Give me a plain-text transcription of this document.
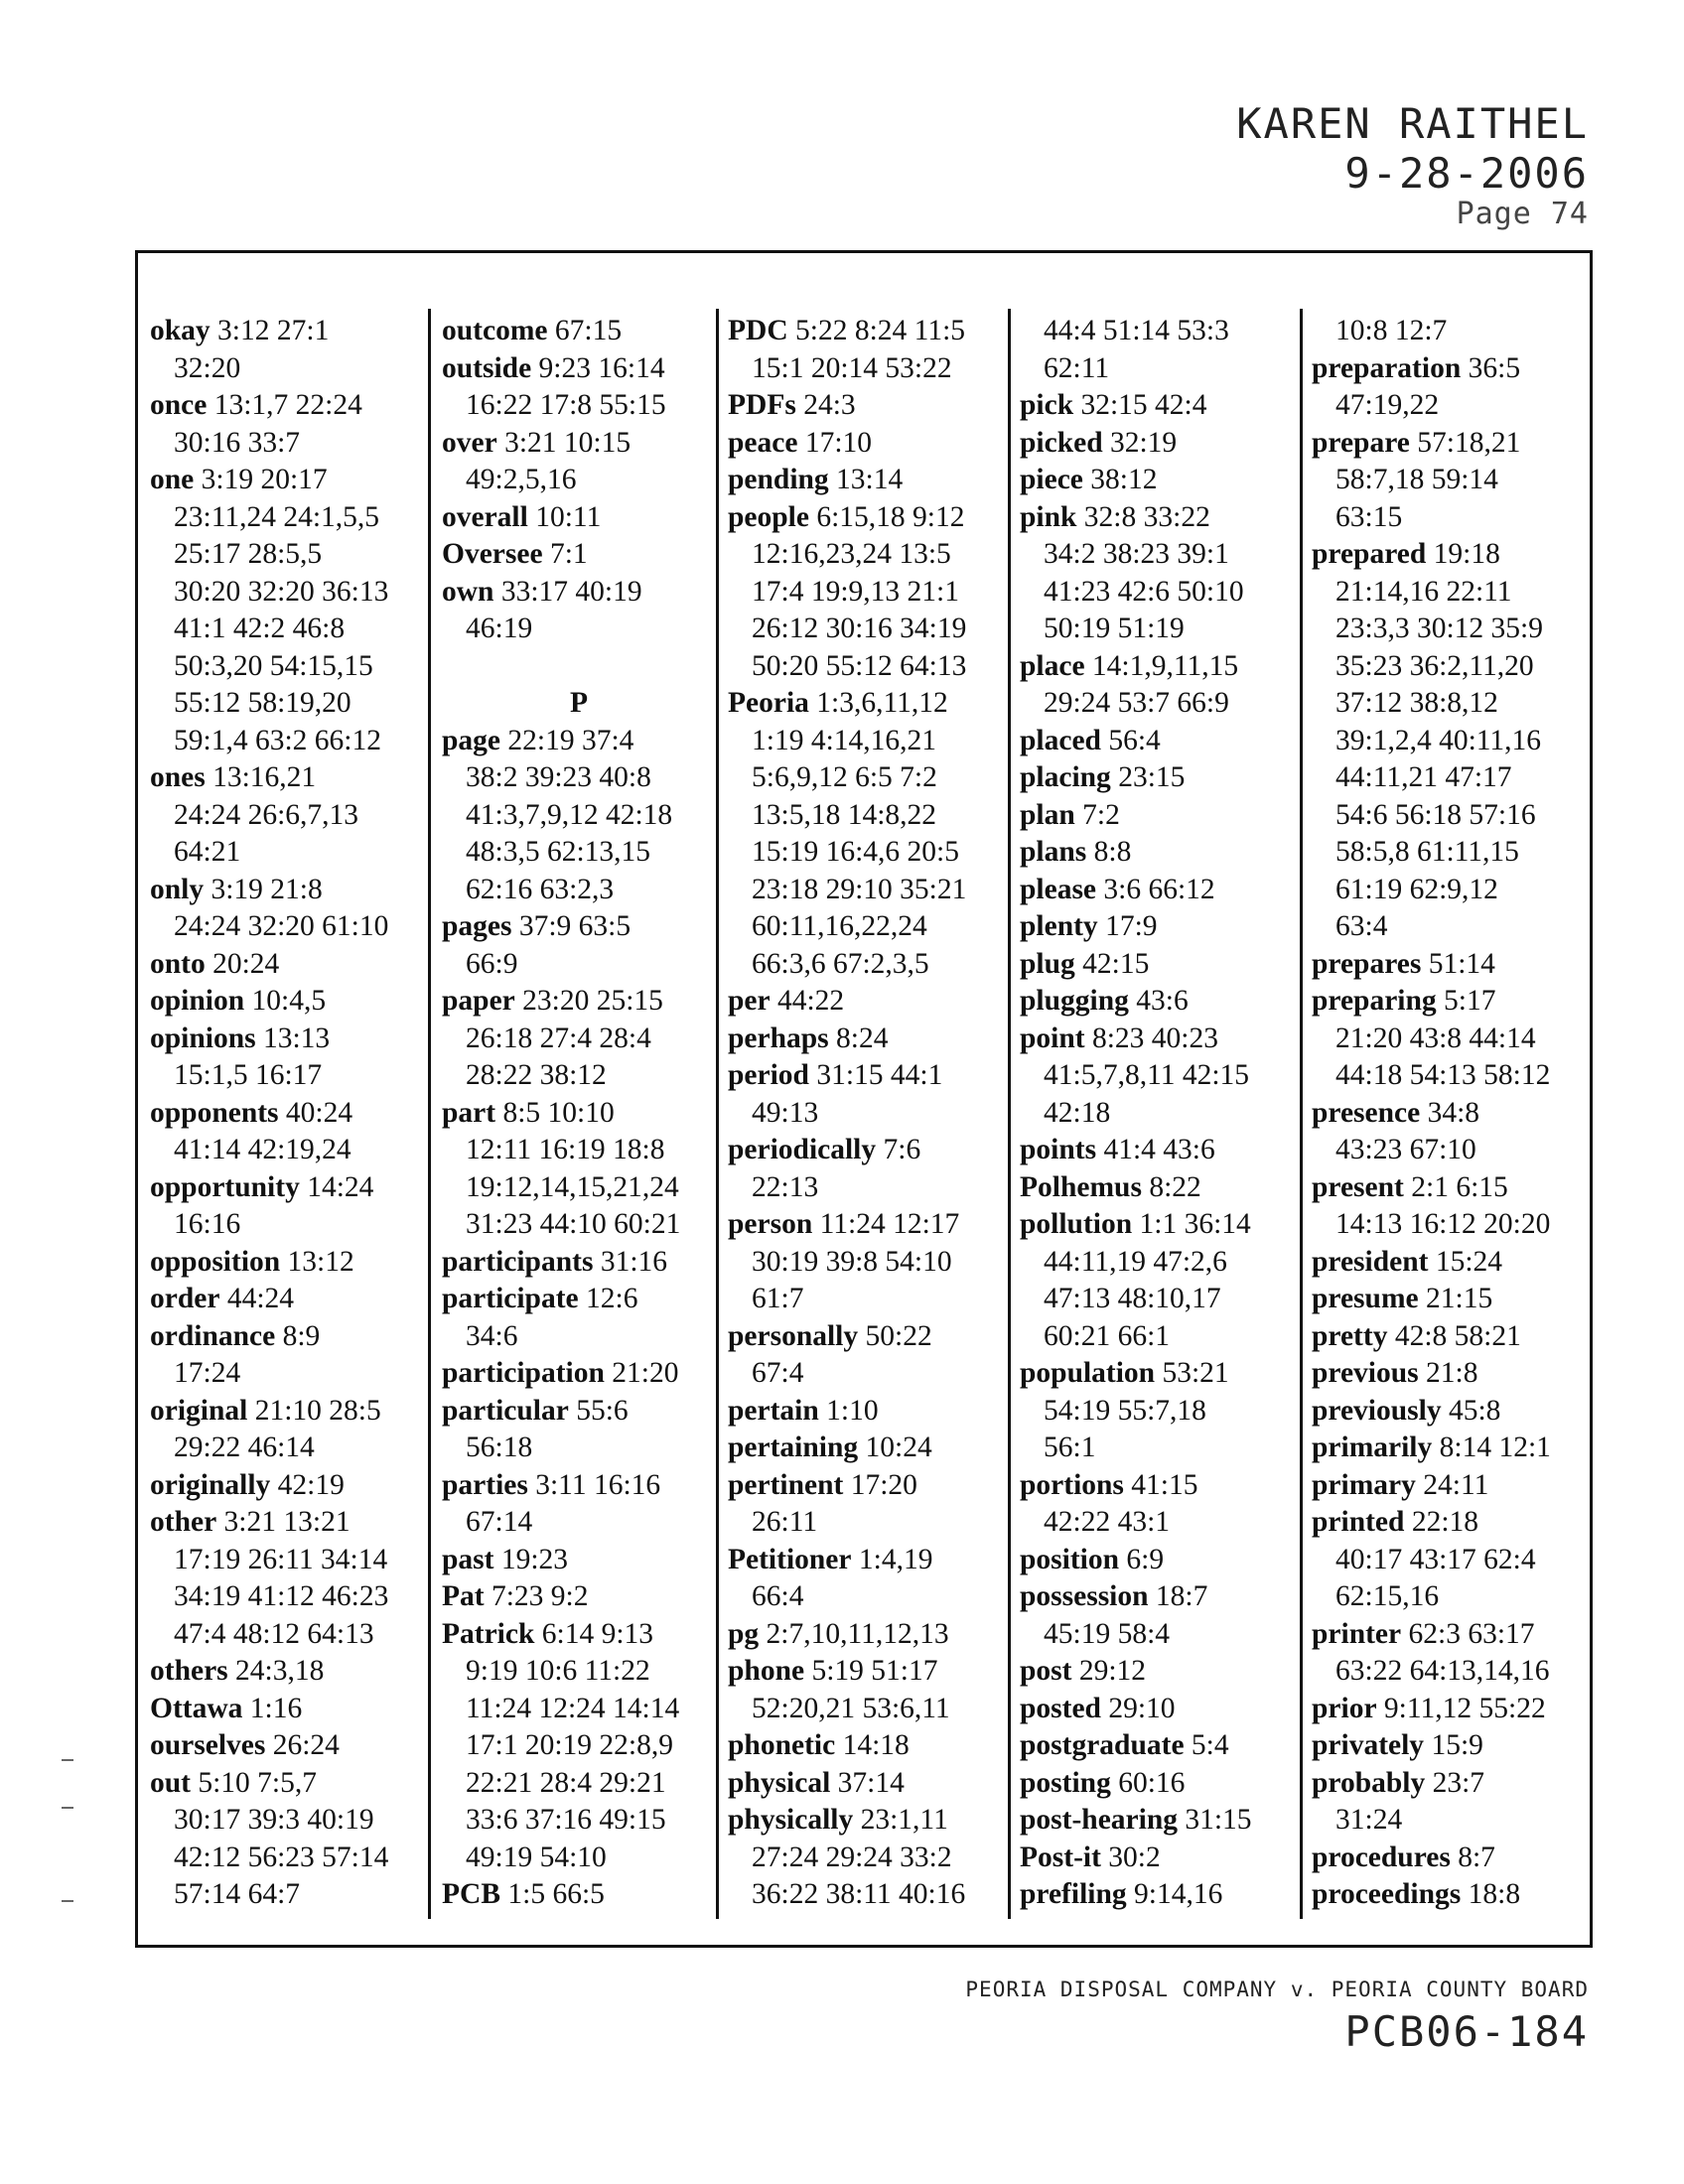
KAREN RAITHEL
9-28-2006
Page 74
okay 3:12 27:1
32:20
once 13:1,7 22:24
30:16 33:7
one 3:19 20:17
23:11,24 24:1,5,5
25:17 28:5,5
30:20 32:20 36:13
41:1 42:2 46:8
50:3,20 54:15,15
55:12 58:19,20
59:1,4 63:2 66:12
ones 13:16,21
24:24 26:6,7,13
64:21
only 3:19 21:8
24:24 32:20 61:10
onto 20:24
opinion 10:4,5
opinions 13:13
15:1,5 16:17
opponents 40:24
41:14 42:19,24
opportunity 14:24
16:16
opposition 13:12
order 44:24
ordinance 8:9
17:24
original 21:10 28:5
29:22 46:14
originally 42:19
other 3:21 13:21
17:19 26:11 34:14
34:19 41:12 46:23
47:4 48:12 64:13
others 24:3,18
Ottawa 1:16
ourselves 26:24
out 5:10 7:5,7
30:17 39:3 40:19
42:12 56:23 57:14
57:14 64:7
outcome 67:15
outside 9:23 16:14
16:22 17:8 55:15
over 3:21 10:15
49:2,5,16
overall 10:11
Oversee 7:1
own 33:17 40:19
46:19
P
page 22:19 37:4
38:2 39:23 40:8
41:3,7,9,12 42:18
48:3,5 62:13,15
62:16 63:2,3
pages 37:9 63:5
66:9
paper 23:20 25:15
26:18 27:4 28:4
28:22 38:12
part 8:5 10:10
12:11 16:19 18:8
19:12,14,15,21,24
31:23 44:10 60:21
participants 31:16
participate 12:6
34:6
participation 21:20
particular 55:6
56:18
parties 3:11 16:16
67:14
past 19:23
Pat 7:23 9:2
Patrick 6:14 9:13
9:19 10:6 11:22
11:24 12:24 14:14
17:1 20:19 22:8,9
22:21 28:4 29:21
33:6 37:16 49:15
49:19 54:10
PCB 1:5 66:5
PDC 5:22 8:24 11:5
15:1 20:14 53:22
PDFs 24:3
peace 17:10
pending 13:14
people 6:15,18 9:12
12:16,23,24 13:5
17:4 19:9,13 21:1
26:12 30:16 34:19
50:20 55:12 64:13
Peoria 1:3,6,11,12
1:19 4:14,16,21
5:6,9,12 6:5 7:2
13:5,18 14:8,22
15:19 16:4,6 20:5
23:18 29:10 35:21
60:11,16,22,24
66:3,6 67:2,3,5
per 44:22
perhaps 8:24
period 31:15 44:1
49:13
periodically 7:6
22:13
person 11:24 12:17
30:19 39:8 54:10
61:7
personally 50:22
67:4
pertain 1:10
pertaining 10:24
pertinent 17:20
26:11
Petitioner 1:4,19
66:4
pg 2:7,10,11,12,13
phone 5:19 51:17
52:20,21 53:6,11
phonetic 14:18
physical 37:14
physically 23:1,11
27:24 29:24 33:2
36:22 38:11 40:16
44:4 51:14 53:3
62:11
pick 32:15 42:4
picked 32:19
piece 38:12
pink 32:8 33:22
34:2 38:23 39:1
41:23 42:6 50:10
50:19 51:19
place 14:1,9,11,15
29:24 53:7 66:9
placed 56:4
placing 23:15
plan 7:2
plans 8:8
please 3:6 66:12
plenty 17:9
plug 42:15
plugging 43:6
point 8:23 40:23
41:5,7,8,11 42:15
42:18
points 41:4 43:6
Polhemus 8:22
pollution 1:1 36:14
44:11,19 47:2,6
47:13 48:10,17
60:21 66:1
population 53:21
54:19 55:7,18
56:1
portions 41:15
42:22 43:1
position 6:9
possession 18:7
45:19 58:4
post 29:12
posted 29:10
postgraduate 5:4
posting 60:16
post-hearing 31:15
Post-it 30:2
prefiling 9:14,16
10:8 12:7
preparation 36:5
47:19,22
prepare 57:18,21
58:7,18 59:14
63:15
prepared 19:18
21:14,16 22:11
23:3,3 30:12 35:9
35:23 36:2,11,20
37:12 38:8,12
39:1,2,4 40:11,16
44:11,21 47:17
54:6 56:18 57:16
58:5,8 61:11,15
61:19 62:9,12
63:4
prepares 51:14
preparing 5:17
21:20 43:8 44:14
44:18 54:13 58:12
presence 34:8
43:23 67:10
present 2:1 6:15
14:13 16:12 20:20
president 15:24
presume 21:15
pretty 42:8 58:21
previous 21:8
previously 45:8
primarily 8:14 12:1
primary 24:11
printed 22:18
40:17 43:17 62:4
62:15,16
printer 62:3 63:17
63:22 64:13,14,16
prior 9:11,12 55:22
privately 15:9
probably 23:7
31:24
procedures 8:7
proceedings 18:8
PEORIA DISPOSAL COMPANY v. PEORIA COUNTY BOARD
PCB06-184
